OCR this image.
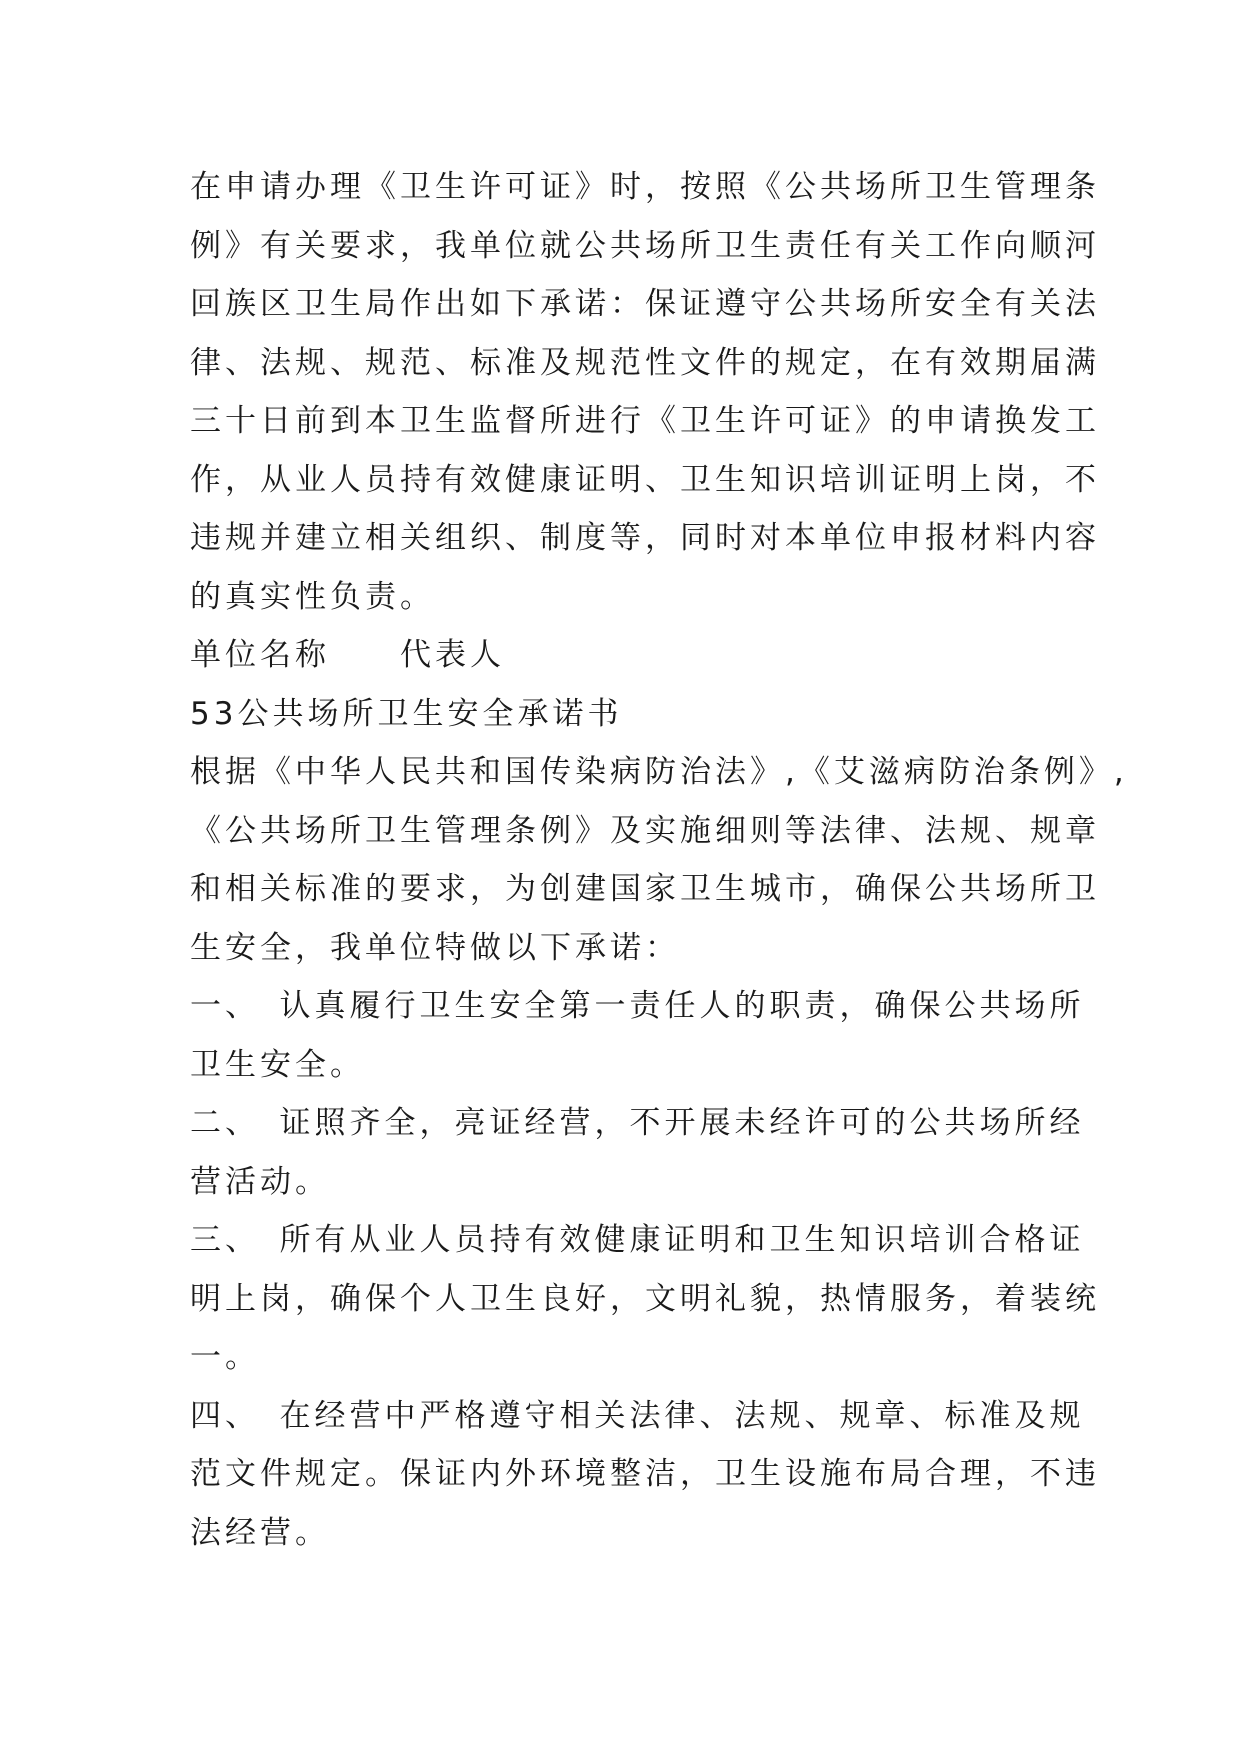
在申请办理《卫生许可证》时，按照《公共场所卫生管理条
例》有关要求，我单位就公共场所卫生责任有关工作向顺河
回族区卫生局作出如下承诺：保证遵守公共场所安全有关法
律、法规、规范、标准及规范性文件的规定，在有效期届满
三十日前到本卫生监督所进行《卫生许可证》的申请换发工
作，从业人员持有效健康证明、卫生知识培训证明上岗，不
违规并建立相关组织、制度等，同时对本单位申报材料内容
的真实性负责。
单位名称　　代表人
53公共场所卫生安全承诺书
根据《中华人民共和国传染病防治法》,《艾滋病防治条例》,
《公共场所卫生管理条例》及实施细则等法律、法规、规章
和相关标准的要求，为创建国家卫生城市，确保公共场所卫
生安全，我单位特做以下承诺：
一、　认真履行卫生安全第一责任人的职责，确保公共场所
卫生安全。
二、　证照齐全，亮证经营，不开展未经许可的公共场所经
营活动。
三、　所有从业人员持有效健康证明和卫生知识培训合格证
明上岗，确保个人卫生良好，文明礼貌，热情服务，着装统
一。
四、　在经营中严格遵守相关法律、法规、规章、标准及规
范文件规定。保证内外环境整洁，卫生设施布局合理，不违
法经营。
